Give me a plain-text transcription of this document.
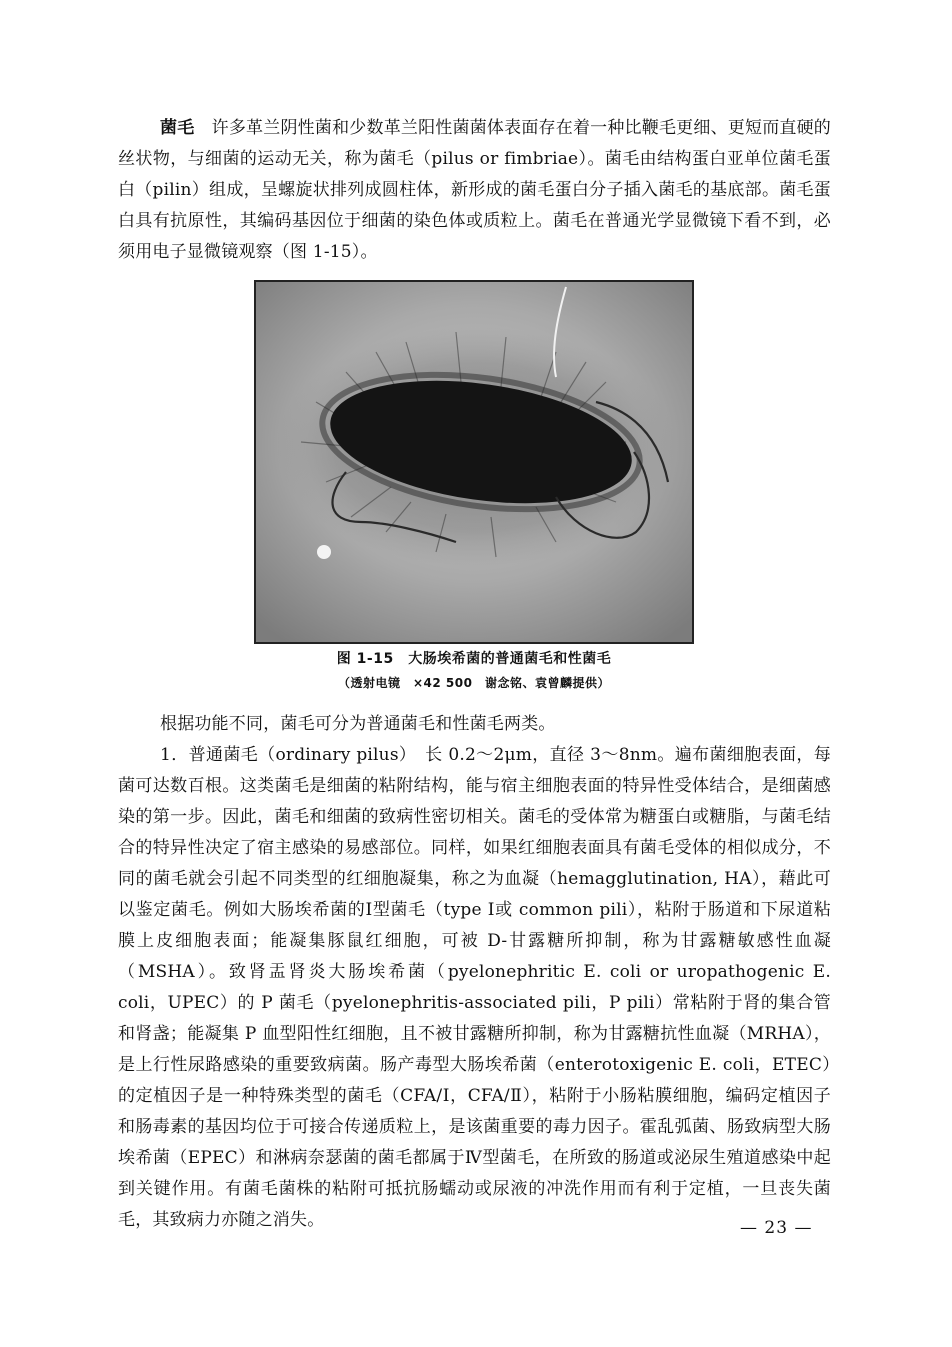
菌毛　 许多革兰阴性菌和少数革兰阳性菌菌体表面存在着一种比鞭毛更细、更短而直硬的丝状物，与细菌的运动无关，称为菌毛（pilus or fimbriae）。菌毛由结构蛋白亚单位菌毛蛋白（pilin）组成，呈螺旋状排列成圆柱体，新形成的菌毛蛋白分子插入菌毛的基底部。菌毛蛋白具有抗原性，其编码基因位于细菌的染色体或质粒上。菌毛在普通光学显微镜下看不到，必须用电子显微镜观察（图 1-15）。

图 1-15　大肠埃希菌的普通菌毛和性菌毛

（透射电镜　×42 500　谢念铭、袁曾麟提供）

根据功能不同，菌毛可分为普通菌毛和性菌毛两类。

1．普通菌毛（ordinary pilus）　长 0.2～2μm，直径 3～8nm。遍布菌细胞表面，每菌可达数百根。这类菌毛是细菌的粘附结构，能与宿主细胞表面的特异性受体结合，是细菌感染的第一步。因此，菌毛和细菌的致病性密切相关。菌毛的受体常为糖蛋白或糖脂，与菌毛结合的特异性决定了宿主感染的易感部位。同样，如果红细胞表面具有菌毛受体的相似成分，不同的菌毛就会引起不同类型的红细胞凝集，称之为血凝（hemagglutination, HA），藉此可以鉴定菌毛。例如大肠埃希菌的Ⅰ型菌毛（type Ⅰ或 common pili），粘附于肠道和下尿道粘膜上皮细胞表面；能凝集豚鼠红细胞，可被 D-甘露糖所抑制，称为甘露糖敏感性血凝（MSHA）。致肾盂肾炎大肠埃希菌（pyelonephritic E. coli or uropathogenic E. coli，UPEC）的 P 菌毛（pyelonephritis-associated pili，P pili）常粘附于肾的集合管和肾盏；能凝集 P 血型阳性红细胞，且不被甘露糖所抑制，称为甘露糖抗性血凝（MRHA），是上行性尿路感染的重要致病菌。肠产毒型大肠埃希菌（enterotoxigenic E. coli，ETEC）的定植因子是一种特殊类型的菌毛（CFA/Ⅰ，CFA/Ⅱ），粘附于小肠粘膜细胞，编码定植因子和肠毒素的基因均位于可接合传递质粒上，是该菌重要的毒力因子。霍乱弧菌、肠致病型大肠埃希菌（EPEC）和淋病奈瑟菌的菌毛都属于Ⅳ型菌毛，在所致的肠道或泌尿生殖道感染中起到关键作用。有菌毛菌株的粘附可抵抗肠蠕动或尿液的冲洗作用而有利于定植，一旦丧失菌毛，其致病力亦随之消失。	— 23 —
